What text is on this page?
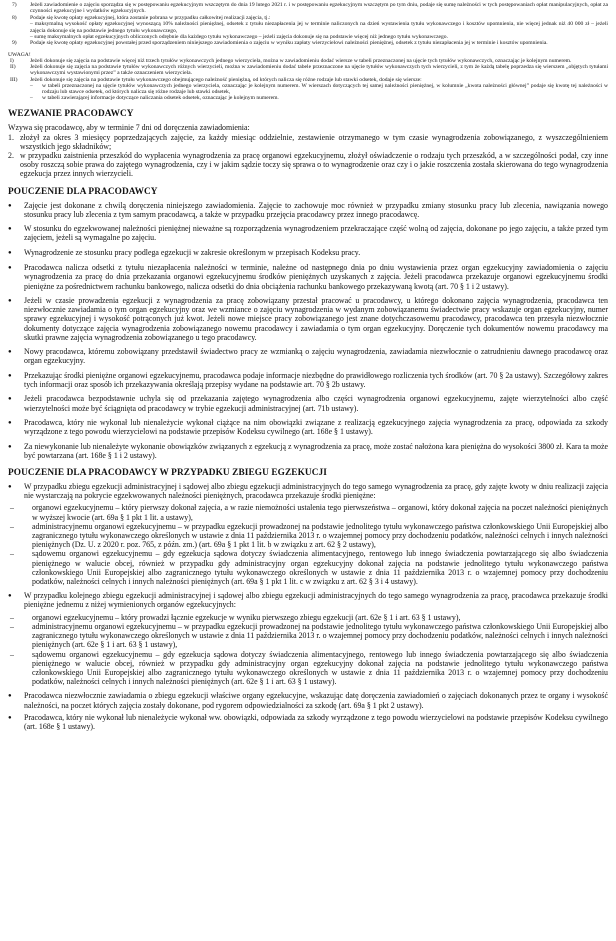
7)	Jeżeli zawiadomienie o zajęciu sporządza się w postępowaniu egzekucyjnym wszczętym do dnia 19 lutego 2021 r. i w postępowaniu egzekucyjnym wszczętym po tym dniu, podaje się sumę należności w tych postępowaniach opłat manipulacyjnych, opłat za czynności egzekucyjne i wydatków egzekucyjnych.
8)	Podaje się kwotę opłaty egzekucyjnej, która zostanie pobrana w przypadku całkowitej realizacji zajęcia, tj.:
– maksymalną wysokość opłaty egzekucyjnej wynoszącą 10% należności pieniężnej, odsetek z tytułu niezapłacenia jej w terminie naliczonych na dzień wystawienia tytułu wykonawczego i kosztów upomnienia, nie więcej jednak niż 40 000 zł – jeżeli zajęcia dokonuje się na podstawie jednego tytułu wykonawczego,
– sumę maksymalnych opłat egzekucyjnych obliczonych odrębnie dla każdego tytułu wykonawczego – jeżeli zajęcia dokonuje się na podstawie więcej niż jednego tytułu wykonawczego.
9)	Podaje się kwotę opłaty egzekucyjnej powstałej przed sporządzeniem niniejszego zawiadomienia o zajęciu w wyniku zapłaty wierzycielowi należności pieniężnej, odsetek z tytułu niezapłacenia jej w terminie i kosztów upomnienia.
UWAGA!
I)	Jeżeli dokonuje się zajęcia na podstawie więcej niż trzech tytułów wykonawczych jednego wierzyciela, można w zawiadomieniu dodać wiersze w tabeli przeznaczonej na ujęcie tych tytułów wykonawczych, oznaczając je kolejnym numerem.
II)	Jeżeli dokonuje się zajęcia na podstawie tytułów wykonawczych różnych wierzycieli, można w zawiadomieniu dodać tabele przeznaczone na ujęcie tytułów wykonawczych tych wierzycieli, z tym że każdą tabelę poprzedza się wierszem „objętych tytułami wykonawczymi wystawionymi przez” a także oznaczeniem wierzyciela.
III)	Jeżeli dokonuje się zajęcia na podstawie tytułu wykonawczego obejmującego należność pieniężną, od których nalicza się różne rodzaje lub stawki odsetek, dodaje się wiersze:
–	w tabeli przeznaczonej na ujęcie tytułów wykonawczych jednego wierzyciela, oznaczając je kolejnym numerem. W wierszach dotyczących tej samej należności pieniężnej, w kolumnie „kwota należności głównej” podaje się kwotę tej należności w rodzaju lub stawce odsetek, od których nalicza się różne rodzaje lub stawki odsetek,
–	w tabeli zawierającej informacje dotyczące naliczania odsetek odsetek, oznaczając je kolejnym numerem.
WEZWANIE PRACODAWCY

Wzywa się pracodawcę, aby w terminie 7 dni od doręczenia zawiadomienia:

1. złożył za okres 3 miesięcy poprzedzających zajęcie, za każdy miesiąc oddzielnie, zestawienie otrzymanego w tym czasie wynagrodzenia zobowiązanego, z wyszczególnieniem wszystkich jego składników;
2. w przypadku zaistnienia przeszkód do wypłacenia wynagrodzenia za pracę organowi egzekucyjnemu, złożył oświadczenie o rodzaju tych przeszkód, a w szczególności podał, czy inne osoby roszczą sobie prawa do zajętego wynagrodzenia, czy i w jakim sądzie toczy się sprawa o to wynagrodzenie oraz czy i o jakie roszczenia została skierowana do tego wynagrodzenia egzekucja przez innych wierzycieli.
POUCZENIE DLA PRACODAWCY
●	Zajęcie jest dokonane z chwilą doręczenia niniejszego zawiadomienia. Zajęcie to zachowuje moc również w przypadku zmiany stosunku pracy lub zlecenia, nawiązania nowego stosunku pracy lub zlecenia z tym samym pracodawcą, a także w przypadku przejęcia pracodawcy przez innego pracodawcę.
●	W stosunku do egzekwowanej należności pieniężnej nieważne są rozporządzenia wynagrodzeniem przekraczające część wolną od zajęcia, dokonane po jego zajęciu, a także przed tym zajęciem, jeżeli są wymagalne po zajęciu.
●	Wynagrodzenie ze stosunku pracy podlega egzekucji w zakresie określonym w przepisach Kodeksu pracy.
●	Pracodawca nalicza odsetki z tytułu niezapłacenia należności w terminie, należne od następnego dnia po dniu wystawienia przez organ egzekucyjny zawiadomienia o zajęciu wynagrodzenia za pracę do dnia przekazania organowi egzekucyjnemu środków pieniężnych uzyskanych z zajęcia. Jeżeli pracodawca przekazuje organowi egzekucyjnemu środki pieniężne za pośrednictwem rachunku bankowego, nalicza odsetki do dnia obciążenia rachunku bankowego przekazywaną kwotą (art. 70 § 1 i 2 ustawy).
●	Jeżeli w czasie prowadzenia egzekucji z wynagrodzenia za pracę zobowiązany przestał pracować u pracodawcy, u którego dokonano zajęcia wynagrodzenia, pracodawca ten niezwłocznie zawiadamia o tym organ egzekucyjny oraz we wzmiance o zajęciu wynagrodzenia w wydanym zobowiązanemu świadectwie pracy wskazuje organ egzekucyjny, numer sprawy egzekucyjnej i wysokość potrąconych już kwot. Jeżeli nowe miejsce pracy zobowiązanego jest znane dotychczasowemu pracodawcy, pracodawca ten przesyła niezwłocznie dokumenty dotyczące zajęcia wynagrodzenia zobowiązanego nowemu pracodawcy i zawiadamia o tym organ egzekucyjny. Doręczenie tych dokumentów nowemu pracodawcy ma skutki prawne zajęcia wynagrodzenia zobowiązanego u tego pracodawcy.
●	Nowy pracodawca, któremu zobowiązany przedstawił świadectwo pracy ze wzmianką o zajęciu wynagrodzenia, zawiadamia niezwłocznie o zatrudnieniu dawnego pracodawcę oraz organ egzekucyjny.
●	Przekazując środki pieniężne organowi egzekucyjnemu, pracodawca podaje informacje niezbędne do prawidłowego rozliczenia tych środków (art. 70 § 2a ustawy). Szczegółowy zakres tych informacji oraz sposób ich przekazywania określają przepisy wydane na podstawie art. 70 § 2b ustawy.
●	Jeżeli pracodawca bezpodstawnie uchyla się od przekazania zajętego wynagrodzenia albo części wynagrodzenia organowi egzekucyjnemu, zajęte wierzytelności albo część wierzytelności może być ściągnięta od pracodawcy w trybie egzekucji administracyjnej (art. 71b ustawy).
●	Pracodawca, który nie wykonał lub nienależycie wykonał ciążące na nim obowiązki związane z realizacją egzekucyjnego zajęcia wynagrodzenia za pracę, odpowiada za szkody wyrządzone z tego powodu wierzycielowi na podstawie przepisów Kodeksu cywilnego (art. 168e § 1 ustawy).
●	Za niewykonanie lub nienależyte wykonanie obowiązków związanych z egzekucją z wynagrodzenia za pracę, może zostać nałożona kara pieniężna do wysokości 3800 zł. Kara ta może być powtarzana (art. 168e § 1 i 2 ustawy).
POUCZENIE DLA PRACODAWCY W PRZYPADKU ZBIEGU EGZEKUCJI
●	W przypadku zbiegu egzekucji administracyjnej i sądowej albo zbiegu egzekucji administracyjnych do tego samego wynagrodzenia za pracę, gdy zajęte kwoty w dniu realizacji zajęcia nie wystarczają na pokrycie egzekwowanych należności pieniężnych, pracodawca przekazuje środki pieniężne:
–	organowi egzekucyjnemu – który pierwszy dokonał zajęcia, a w razie niemożności ustalenia tego pierwszeństwa – organowi, który dokonał zajęcia na poczet należności pieniężnych w wyższej kwocie (art. 69a § 1 pkt 1 lit. a ustawy),
–	administracyjnemu organowi egzekucyjnemu – w przypadku egzekucji prowadzonej na podstawie jednolitego tytułu wykonawczego państwa członkowskiego Unii Europejskiej albo zagranicznego tytułu wykonawczego określonych w ustawie z dnia 11 października 2013 r. o wzajemnej pomocy przy dochodzeniu podatków, należności celnych i innych należności pieniężnych (Dz. U. z 2020 r. poz. 765, z późn. zm.) (art. 69a § 1 pkt 1 lit. b w związku z art. 62 § 2 ustawy),
–	sądowemu organowi egzekucyjnemu – gdy egzekucja sądowa dotyczy świadczenia alimentacyjnego, rentowego lub innego świadczenia powtarzającego się albo świadczenia pieniężnego w walucie obcej, również w przypadku gdy administracyjny organ egzekucyjny dokonał zajęcia na podstawie jednolitego tytułu wykonawczego państwa członkowskiego Unii Europejskiej albo zagranicznego tytułu wykonawczego określonych w ustawie z dnia 11 października 2013 r. o wzajemnej pomocy przy dochodzeniu podatków, należności celnych i innych należności pieniężnych (art. 69a § 1 pkt 1 lit. c w związku z art. 62 § 3 i 4 ustawy).
●	W przypadku kolejnego zbiegu egzekucji administracyjnej i sądowej albo zbiegu egzekucji administracyjnych do tego samego wynagrodzenia za pracę, pracodawca przekazuje środki pieniężne jednemu z niżej wymienionych organów egzekucyjnych:
–	organowi egzekucyjnemu – który prowadzi łącznie egzekucje w wyniku pierwszego zbiegu egzekucji (art. 62e § 1 i art. 63 § 1 ustawy),
–	administracyjnemu organowi egzekucyjnemu – w przypadku egzekucji prowadzonej na podstawie jednolitego tytułu wykonawczego państwa członkowskiego Unii Europejskiej albo zagranicznego tytułu wykonawczego określonych w ustawie z dnia 11 października 2013 r. o wzajemnej pomocy przy dochodzeniu podatków, należności celnych i innych należności pieniężnych (art. 62e § 1 i art. 63 § 1 ustawy),
–	sądowemu organowi egzekucyjnemu – gdy egzekucja sądowa dotyczy świadczenia alimentacyjnego, rentowego lub innego świadczenia powtarzającego się albo świadczenia pieniężnego w walucie obcej, również w przypadku gdy administracyjny organ egzekucyjny dokonał zajęcia na podstawie jednolitego tytułu wykonawczego państwa członkowskiego Unii Europejskiej albo zagranicznego tytułu wykonawczego określonych w ustawie z dnia 11 października 2013 r. o wzajemnej pomocy przy dochodzeniu podatków, należności celnych i innych należności pieniężnych (art. 62e § 1 i art. 63 § 1 ustawy).
●	Pracodawca niezwłocznie zawiadamia o zbiegu egzekucji właściwe organy egzekucyjne, wskazując datę doręczenia zawiadomień o zajęciach dokonanych przez te organy i wysokość należności, na poczet których zajęcia zostały dokonane, pod rygorem odpowiedzialności za szkodę (art. 69a § 1 pkt 2 ustawy).
●	Pracodawca, który nie wykonał lub nienależycie wykonał ww. obowiązki, odpowiada za szkody wyrządzone z tego powodu wierzycielowi na podstawie przepisów Kodeksu cywilnego (art. 168e § 1 ustawy).
